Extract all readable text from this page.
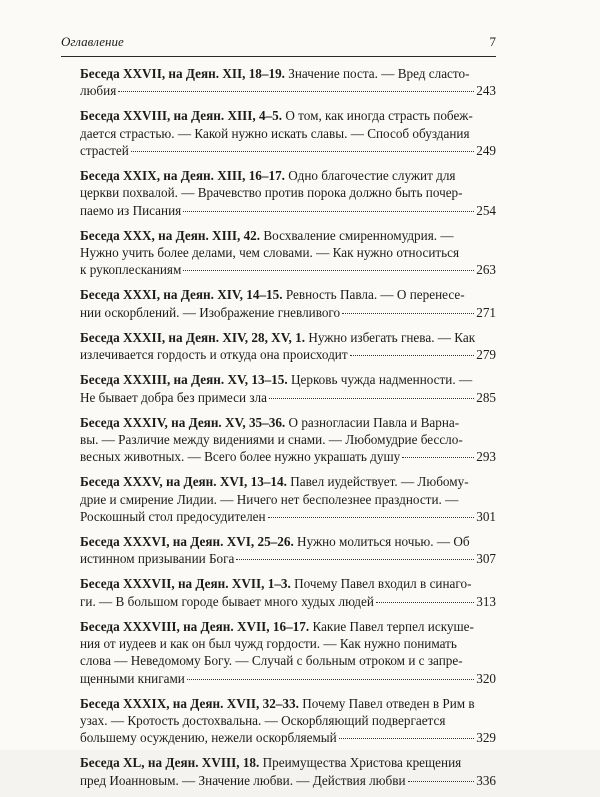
Оглавление	7
Беседа XXVII, на Деян. XII, 18–19. Значение поста. — Вред сласто-
любия	243
Беседа XXVIII, на Деян. XIII, 4–5. О том, как иногда страсть побеж-
дается страстью. — Какой нужно искать славы. — Способ обуздания
страстей	249
Беседа XXIX, на Деян. XIII, 16–17. Одно благочестие служит для
церкви похвалой. — Врачевство против порока должно быть почер-
паемо из Писания	254
Беседа XXX, на Деян. XIII, 42. Восхваление смиренномудрия. —
Нужно учить более делами, чем словами. — Как нужно относиться
к рукоплесканиям	263
Беседа XXXI, на Деян. XIV, 14–15. Ревность Павла. — О перенесе-
нии оскорблений. — Изображение гневливого	271
Беседа XXXII, на Деян. XIV, 28, XV, 1. Нужно избегать гнева. — Как
излечивается гордость и откуда она происходит	279
Беседа XXXIII, на Деян. XV, 13–15. Церковь чужда надменности. —
Не бывает добра без примеси зла	285
Беседа XXXIV, на Деян. XV, 35–36. О разногласии Павла и Варна-
вы. — Различие между видениями и снами. — Любомудрие бессло-
весных животных. — Всего более нужно украшать душу	293
Беседа XXXV, на Деян. XVI, 13–14. Павел иудействует. — Любому-
дрие и смирение Лидии. — Ничего нет бесполезнее праздности. —
Роскошный стол предосудителен	301
Беседа XXXVI, на Деян. XVI, 25–26. Нужно молиться ночью. — Об
истинном призывании Бога	307
Беседа XXXVII, на Деян. XVII, 1–3. Почему Павел входил в синаго-
ги. — В большом городе бывает много худых людей	313
Беседа XXXVIII, на Деян. XVII, 16–17. Какие Павел терпел искуше-
ния от иудеев и как он был чужд гордости. — Как нужно понимать
слова — Неведомому Богу. — Случай с больным отроком и с запре-
щенными книгами	320
Беседа XXXIX, на Деян. XVII, 32–33. Почему Павел отведен в Рим в
узах. — Кротость достохвальна. — Оскорбляющий подвергается
большему осуждению, нежели оскорбляемый	329
Беседа XL, на Деян. XVIII, 18. Преимущества Христова крещения
пред Иоанновым. — Значение любви. — Действия любви	336
